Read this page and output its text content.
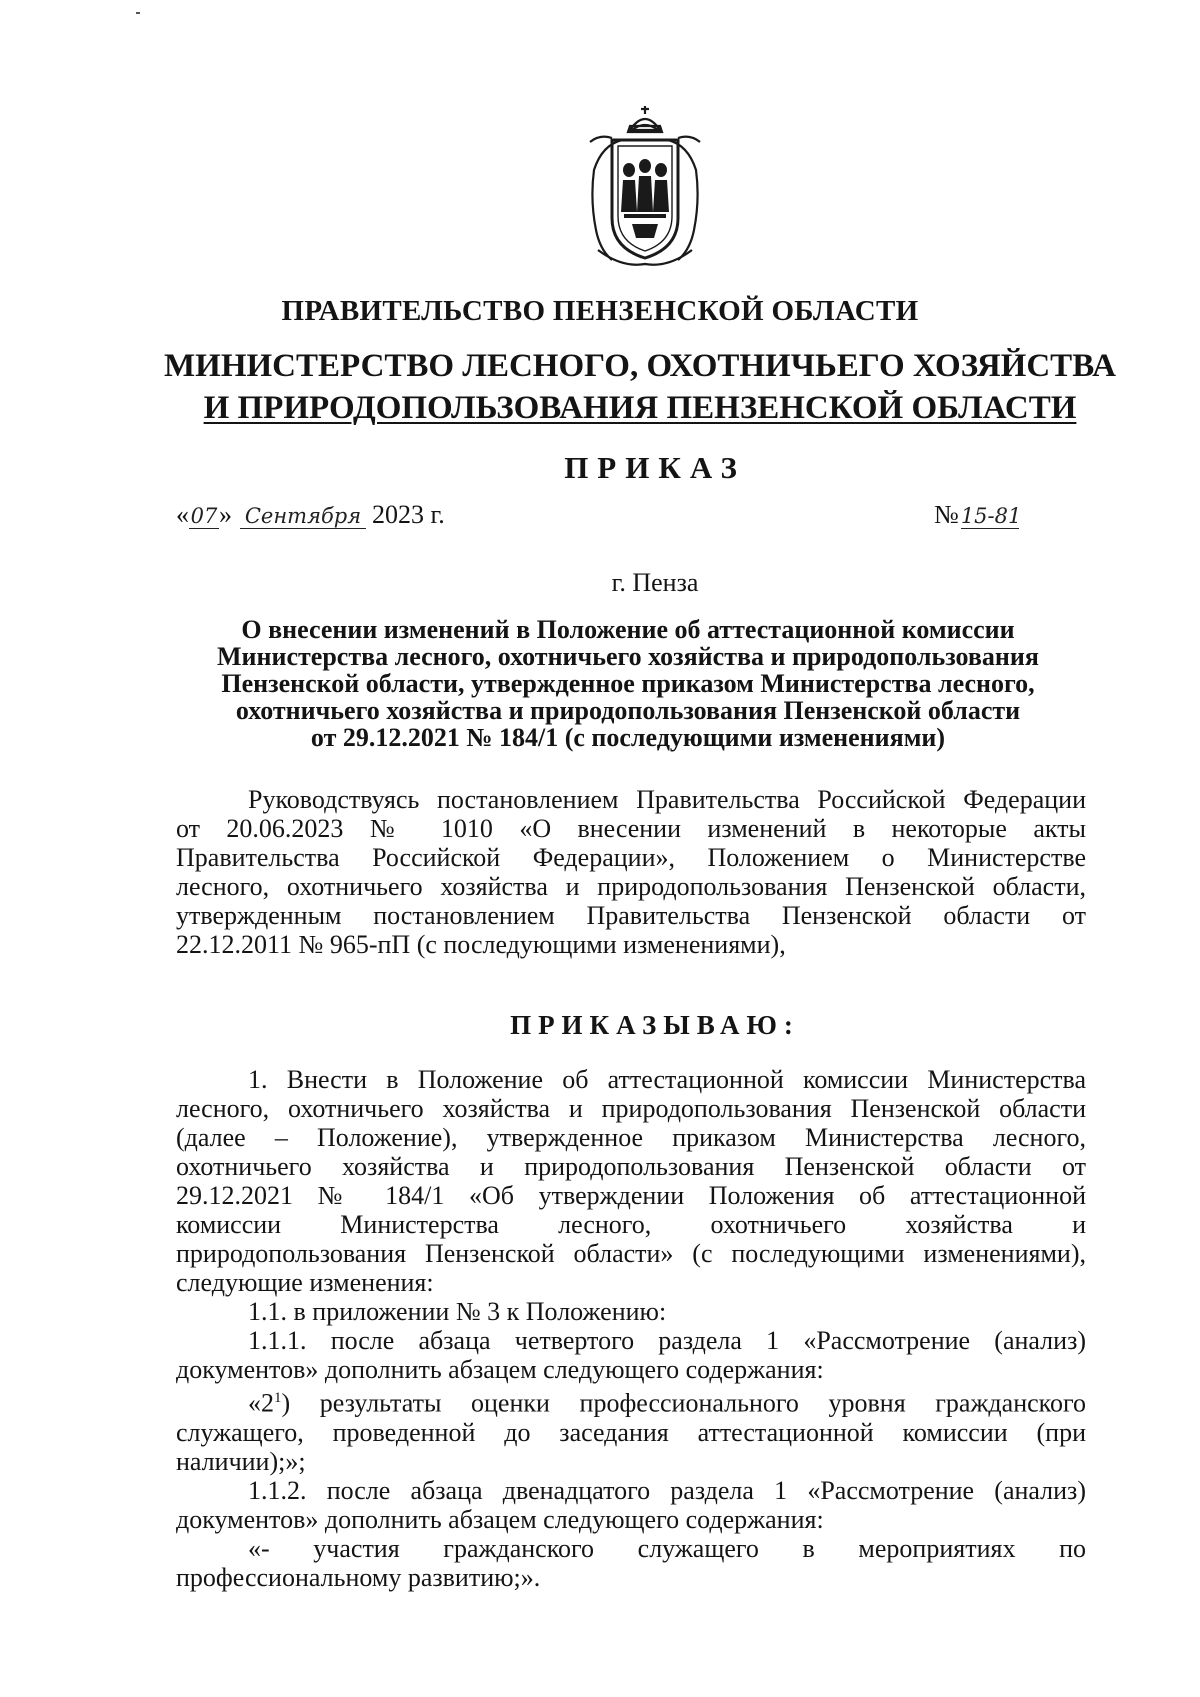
ПРАВИТЕЛЬСТВО ПЕНЗЕНСКОЙ ОБЛАСТИ
МИНИСТЕРСТВО ЛЕСНОГО, ОХОТНИЧЬЕГО ХОЗЯЙСТВА
И ПРИРОДОПОЛЬЗОВАНИЯ ПЕНЗЕНСКОЙ ОБЛАСТИ
ПРИКАЗ
«07» Сентября 2023 г.	№15-81
г. Пенза
О внесении изменений в Положение об аттестационной комиссии
Министерства лесного, охотничьего хозяйства и природопользования
Пензенской области, утвержденное приказом Министерства лесного,
охотничьего хозяйства и природопользования Пензенской области
от 29.12.2021 № 184/1 (с последующими изменениями)
Руководствуясь постановлением Правительства Российской Федерации
от 20.06.2023 № 1010 «О внесении изменений в некоторые акты
Правительства Российской Федерации», Положением о Министерстве
лесного, охотничьего хозяйства и природопользования Пензенской области,
утвержденным постановлением Правительства Пензенской области от
22.12.2011 № 965-пП (с последующими изменениями),
ПРИКАЗЫВАЮ:
1. Внести в Положение об аттестационной комиссии Министерства
лесного, охотничьего хозяйства и природопользования Пензенской области
(далее – Положение), утвержденное приказом Министерства лесного,
охотничьего хозяйства и природопользования Пензенской области от
29.12.2021 № 184/1 «Об утверждении Положения об аттестационной
комиссии Министерства лесного, охотничьего хозяйства и
природопользования Пензенской области» (с последующими изменениями),
следующие изменения:
1.1. в приложении № 3 к Положению:
1.1.1. после абзаца четвертого раздела 1 «Рассмотрение (анализ)
документов» дополнить абзацем следующего содержания:
«$2^1$) результаты оценки профессионального уровня гражданского
служащего, проведенной до заседания аттестационной комиссии (при
наличии);»;
1.1.2. после абзаца двенадцатого раздела 1 «Рассмотрение (анализ)
документов» дополнить абзацем следующего содержания:
«- участия гражданского служащего в мероприятиях по
профессиональному развитию;».
